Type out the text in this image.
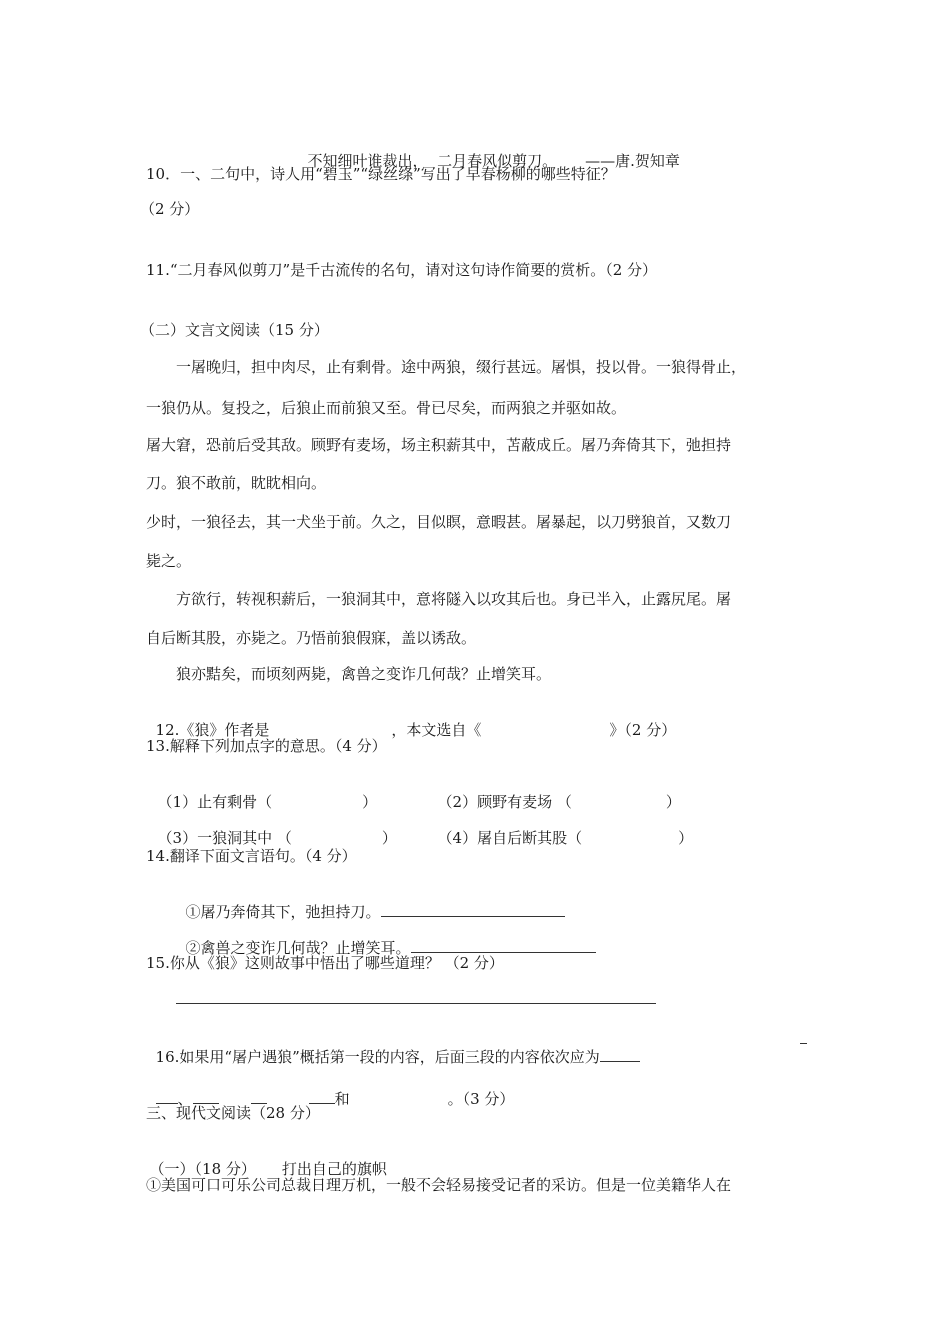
不知细叶谁裁出，  二月春风似剪刀。 ——唐.贺知章

10．一、二句中，诗人用“碧玉”“绿丝绦”写出了早春杨柳的哪些特征？
（2 分）
11.“二月春风似剪刀”是千古流传的名句，请对这句诗作简要的赏析。（2 分）
（二）文言文阅读（15 分）
一屠晚归，担中肉尽，止有剩骨。途中两狼，缀行甚远。屠惧，投以骨。一狼得骨止，
一狼仍从。复投之，后狼止而前狼又至。骨已尽矣，而两狼之并驱如故。
屠大窘，恐前后受其敌。顾野有麦场，场主积薪其中，苫蔽成丘。屠乃奔倚其下，弛担持
刀。狼不敢前，眈眈相向。
少时，一狼径去，其一犬坐于前。久之，目似瞑，意暇甚。屠暴起，以刀劈狼首，又数刀
毙之。
方欲行，转视积薪后，一狼洞其中，意将隧入以攻其后也。身已半入，止露尻尾。屠
自后断其股，亦毙之。乃悟前狼假寐，盖以诱敌。
狼亦黠矣，而顷刻两毙，禽兽之变诈几何哉？止增笑耳。

12.《狼》作者是	，本文选自《	》（2 分）

13.解释下列加点字的意思。（4 分）

（1）止有剩骨（	）	（2）顾野有麦场 （	）

（3）一狼洞其中 （	）	（4）屠自后断其股（	）

14.翻译下面文言语句。（4 分）

①屠乃奔倚其下，弛担持刀。

②禽兽之变诈几何哉？止增笑耳。

15.你从《狼》这则故事中悟出了哪些道理？ （2 分）

16.如果用“屠户遇狼”概括第一段的内容，后面三段的内容依次应为

、	和	。（3 分）

三、现代文阅读（28 分）

（一）（18 分） 打出自己的旗帜

①美国可口可乐公司总裁日理万机，一般不会轻易接受记者的采访。但是一位美籍华人在
